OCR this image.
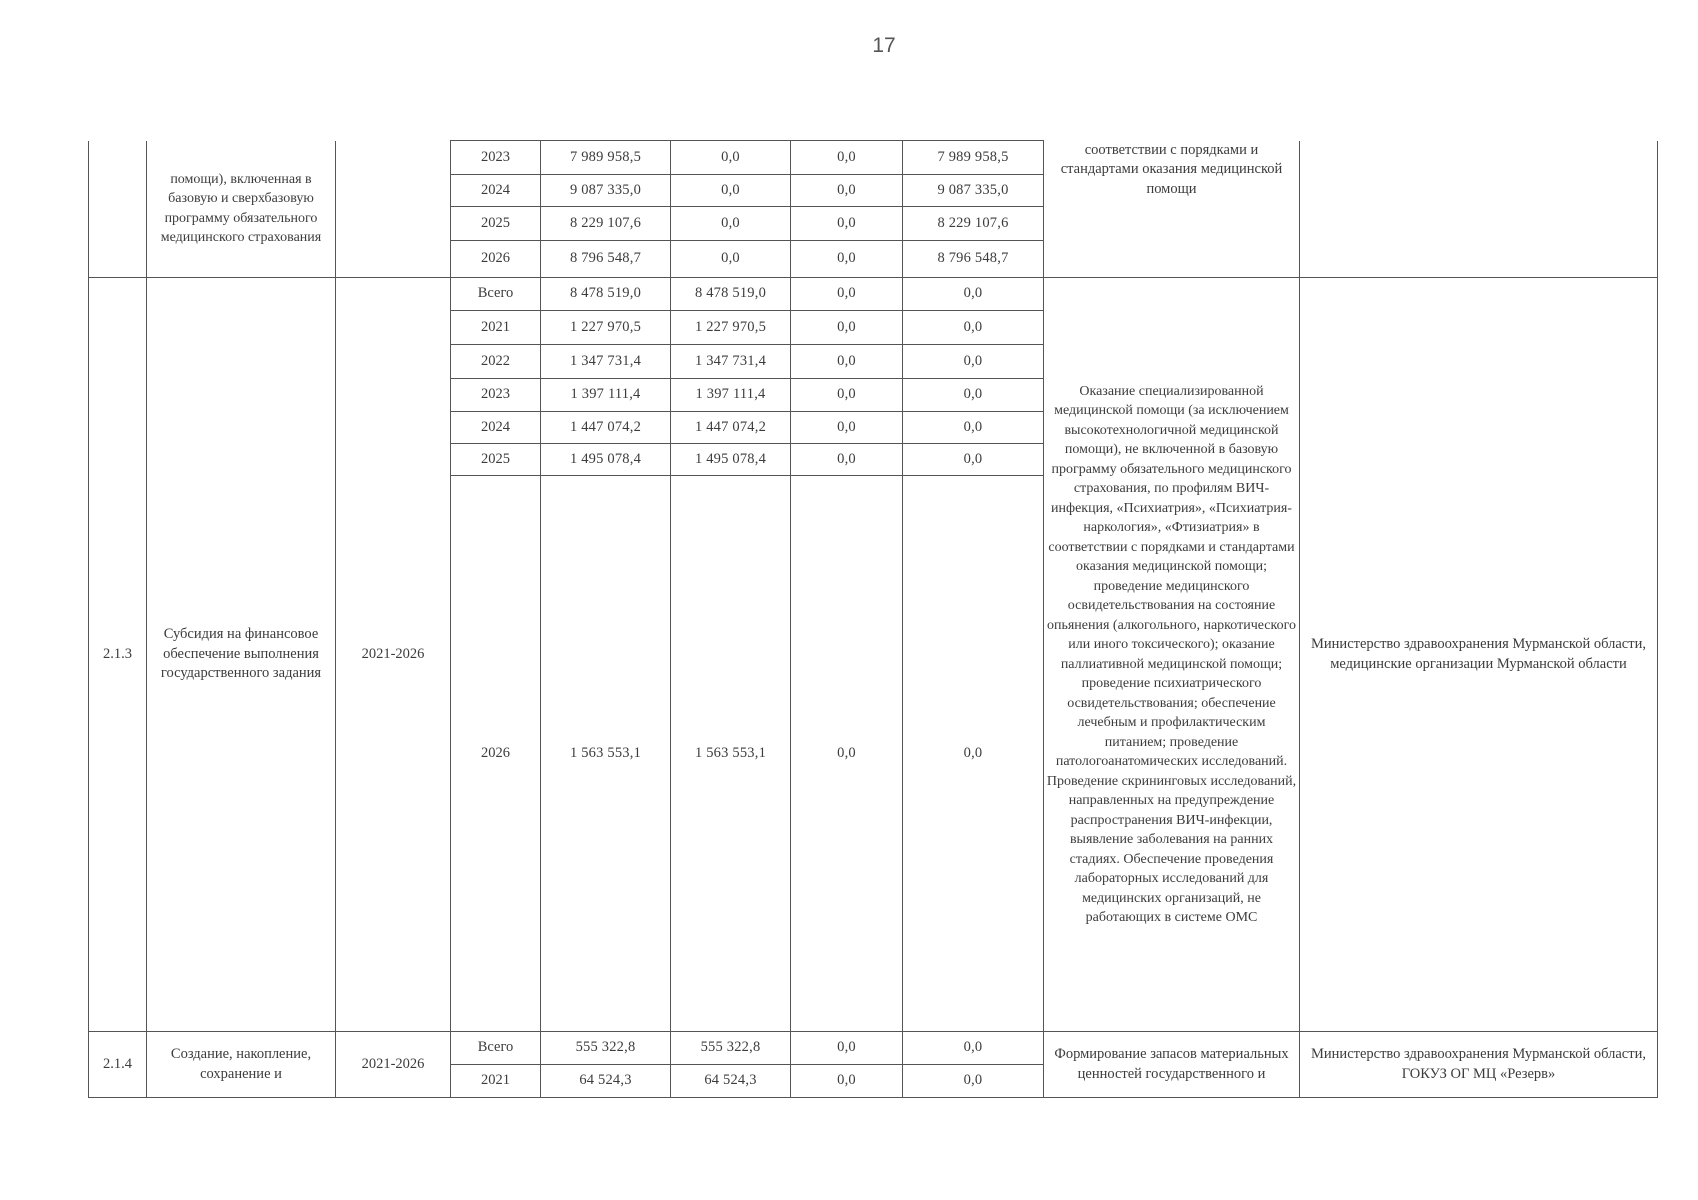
17
	помощи), включенная в базовую и сверхбазовую программу обязательного медицинского страхования		2023	7 989 958,5	0,0	0,0	7 989 958,5	соответствии с порядками и стандартами оказания медицинской помощи	
			2024	9 087 335,0	0,0	0,0	9 087 335,0		
			2025	8 229 107,6	0,0	0,0	8 229 107,6		
			2026	8 796 548,7	0,0	0,0	8 796 548,7		
2.1.3	Субсидия на финансовое обеспечение выполнения государственного задания	2021-2026	Всего	8 478 519,0	8 478 519,0	0,0	0,0	Оказание специализированной медицинской помощи (за исключением высокотехнологичной медицинской помощи), не включенной в базовую программу обязательного медицинского страхования, по профилям ВИЧ-инфекция, «Психиатрия», «Психиатрия-наркология», «Фтизиатрия» в соответствии с порядками и стандартами оказания медицинской помощи; проведение медицинского освидетельствования на состояние опьянения (алкогольного, наркотического или иного токсического); оказание паллиативной медицинской помощи; проведение психиатрического освидетельствования; обеспечение лечебным и профилактическим питанием; проведение патологоанатомических исследований. Проведение скрининговых исследований, направленных на предупреждение распространения ВИЧ-инфекции, выявление заболевания на ранних стадиях. Обеспечение проведения лабораторных исследований для медицинских организаций, не работающих в системе ОМС	Министерство здравоохранения Мурманской области, медицинские организации Мурманской области
			2021	1 227 970,5	1 227 970,5	0,0	0,0		
			2022	1 347 731,4	1 347 731,4	0,0	0,0		
			2023	1 397 111,4	1 397 111,4	0,0	0,0		
			2024	1 447 074,2	1 447 074,2	0,0	0,0		
			2025	1 495 078,4	1 495 078,4	0,0	0,0		
			2026	1 563 553,1	1 563 553,1	0,0	0,0		
2.1.4	Создание, накопление, сохранение и	2021-2026	Всего	555 322,8	555 322,8	0,0	0,0	Формирование запасов материальных ценностей государственного и	Министерство здравоохранения Мурманской области, ГОКУЗ ОГ МЦ «Резерв»
			2021	64 524,3	64 524,3	0,0	0,0		
